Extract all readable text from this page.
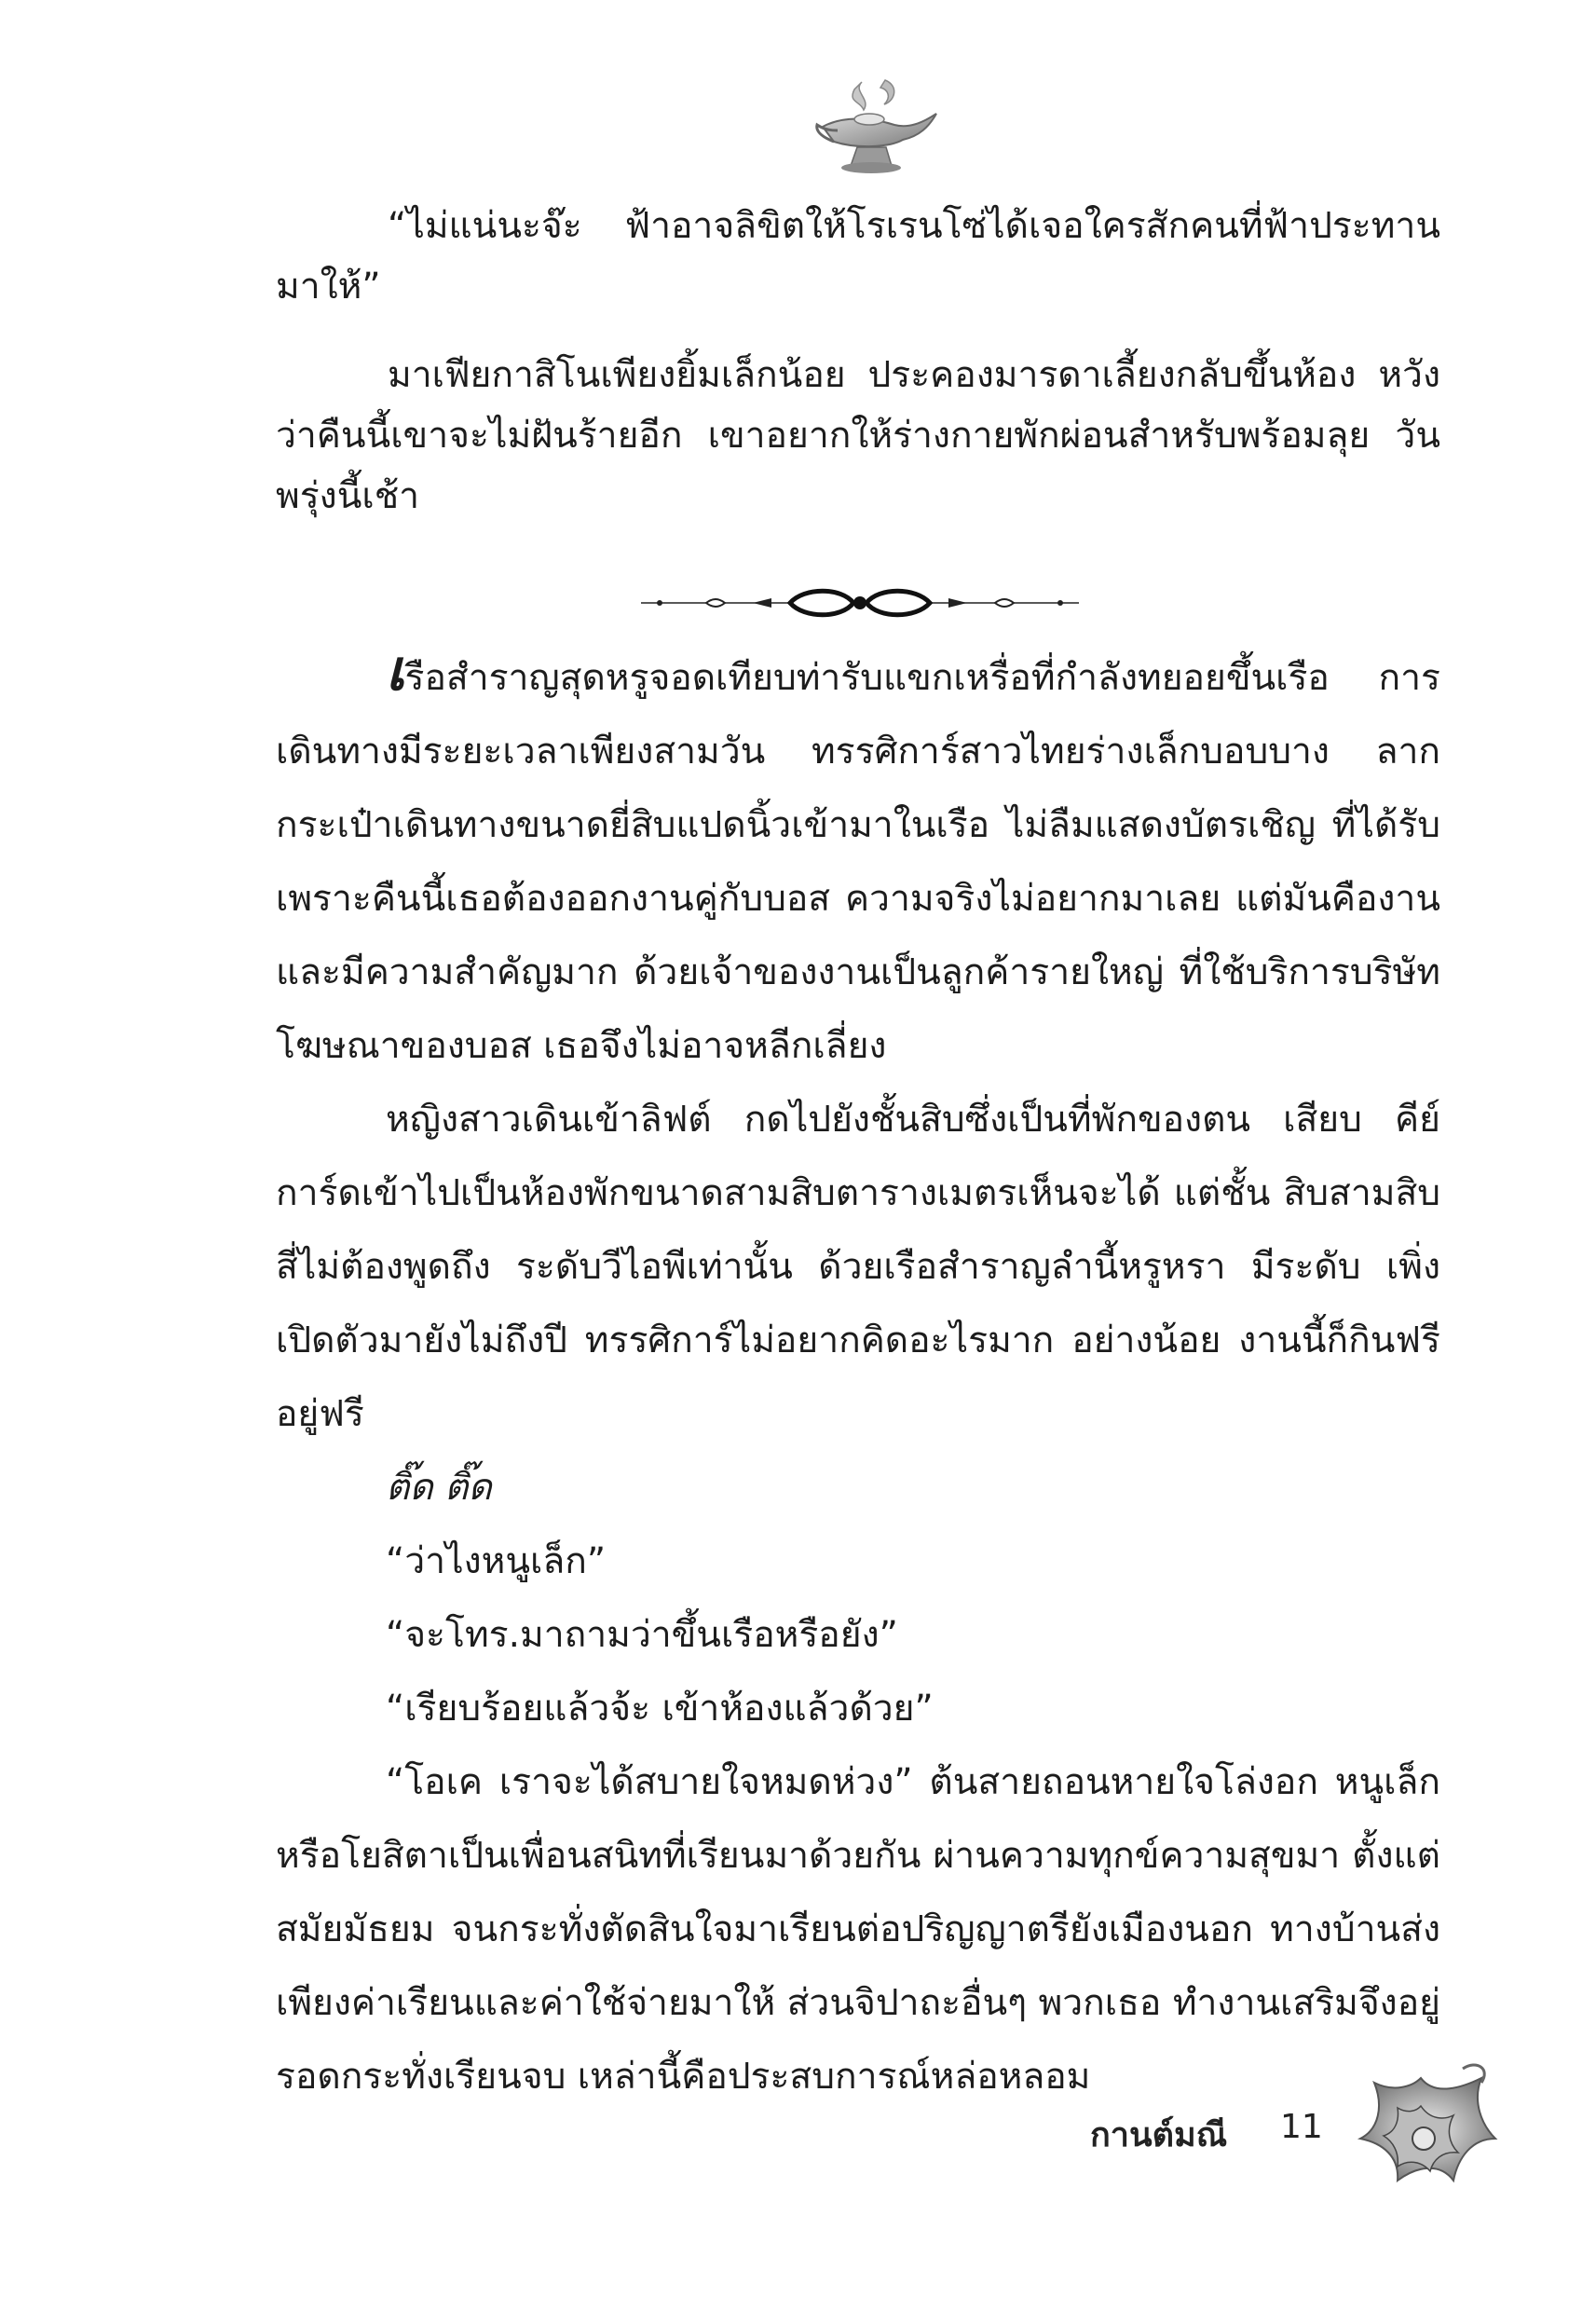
“ไม่แน่นะจ๊ะ ฟ้าอาจลิขิตให้โรเรนโซ่ได้เจอใครสักคนที่ฟ้าประทาน มาให้”

มาเฟียกาสิโนเพียงยิ้มเล็กน้อย ประคองมารดาเลี้ยงกลับขึ้นห้อง หวังว่าคืนนี้เขาจะไม่ฝันร้ายอีก เขาอยากให้ร่างกายพักผ่อนสำหรับพร้อมลุย วันพรุ่งนี้เช้า

เรือสำราญสุดหรูจอดเทียบท่ารับแขกเหรื่อที่กำลังทยอยขึ้นเรือ การเดินทางมีระยะเวลาเพียงสามวัน ทรรศิการ์สาวไทยร่างเล็กบอบบาง ลากกระเป๋าเดินทางขนาดยี่สิบแปดนิ้วเข้ามาในเรือ ไม่ลืมแสดงบัตรเชิญ ที่ได้รับ เพราะคืนนี้เธอต้องออกงานคู่กับบอส ความจริงไม่อยากมาเลย แต่มันคืองานและมีความสำคัญมาก ด้วยเจ้าของงานเป็นลูกค้ารายใหญ่ ที่ใช้บริการบริษัทโฆษณาของบอส เธอจึงไม่อาจหลีกเลี่ยง

หญิงสาวเดินเข้าลิฟต์ กดไปยังชั้นสิบซึ่งเป็นที่พักของตน เสียบ คีย์การ์ดเข้าไปเป็นห้องพักขนาดสามสิบตารางเมตรเห็นจะได้ แต่ชั้น สิบสามสิบสี่ไม่ต้องพูดถึง ระดับวีไอพีเท่านั้น ด้วยเรือสำราญลำนี้หรูหรา มีระดับ เพิ่งเปิดตัวมายังไม่ถึงปี ทรรศิการ์ไม่อยากคิดอะไรมาก อย่างน้อย งานนี้ก็กินฟรีอยู่ฟรี

ติ๊ด ติ๊ด

“ว่าไงหนูเล็ก”

“จะโทร.มาถามว่าขึ้นเรือหรือยัง”

“เรียบร้อยแล้วจ้ะ เข้าห้องแล้วด้วย”

“โอเค เราจะได้สบายใจหมดห่วง” ต้นสายถอนหายใจโล่งอก หนูเล็ก หรือโยสิตาเป็นเพื่อนสนิทที่เรียนมาด้วยกัน ผ่านความทุกข์ความสุขมา ตั้งแต่สมัยมัธยม จนกระทั่งตัดสินใจมาเรียนต่อปริญญาตรียังเมืองนอก ทางบ้านส่งเพียงค่าเรียนและค่าใช้จ่ายมาให้ ส่วนจิปาถะอื่นๆ พวกเธอ ทำงานเสริมจึงอยู่รอดกระทั่งเรียนจบ เหล่านี้คือประสบการณ์หล่อหลอม

กานต์มณี 11
